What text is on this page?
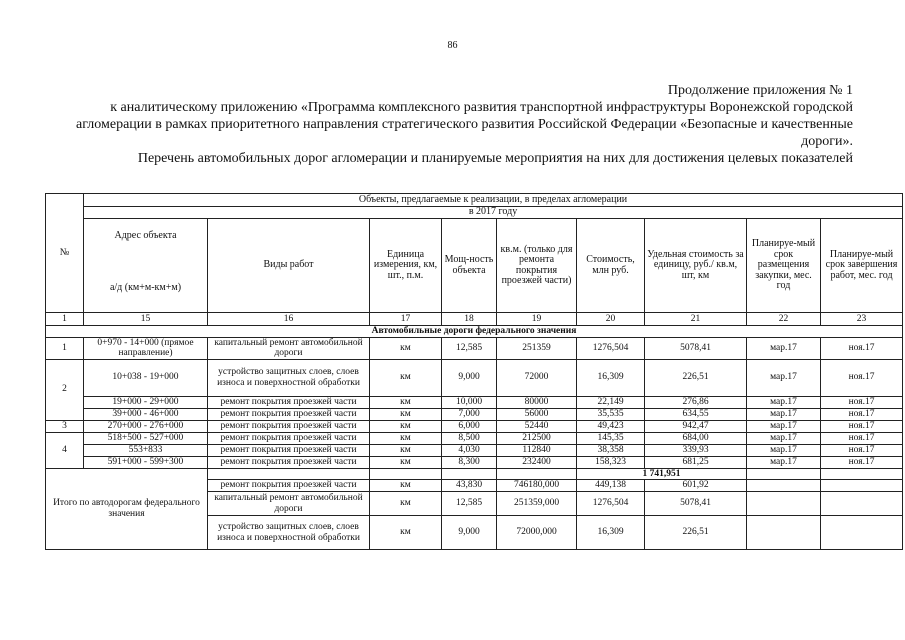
86
Продолжение приложения № 1
к аналитическому приложению «Программа комплексного развития транспортной инфраструктуры Воронежской городской агломерации в рамках приоритетного направления стратегического развития Российской Федерации «Безопасные и качественные дороги».
Перечень автомобильных дорог агломерации и планируемые мероприятия на них для достижения целевых показателей
№	Объекты, предлагаемые к реализации, в пределах агломерации								
	в 2017 году								
	Адрес объекта	Виды работ	Единица измерения, км, шт., п.м.	Мощ-ность объекта	кв.м. (только для ремонта покрытия проезжей части)	Стоимость, млн руб.	Удельная стоимость за единицу, руб./ кв.м, шт, км	Планируе-мый срок размещения закупки, мес. год	Планируе-мый срок завершения работ, мес. год
	а/д (км+м-км+м)								

1	15	16	17	18	19	20	21	22	23
Автомобильные дороги федерального значения									
1	0+970 - 14+000 (прямое направление)	капитальный ремонт автомобильной дороги	км	12,585	251359	1276,504	5078,41	мар.17	ноя.17
2	10+038 - 19+000	устройство защитных слоев, слоев износа и поверхностной обработки	км	9,000	72000	16,309	226,51	мар.17	ноя.17
	19+000 - 29+000	ремонт покрытия проезжей части	км	10,000	80000	22,149	276,86	мар.17	ноя.17
	39+000 - 46+000	ремонт покрытия проезжей части	км	7,000	56000	35,535	634,55	мар.17	ноя.17
3	270+000 - 276+000	ремонт покрытия проезжей части	км	6,000	52440	49,423	942,47	мар.17	ноя.17
4	518+500 - 527+000	ремонт покрытия проезжей части	км	8,500	212500	145,35	684,00	мар.17	ноя.17
	553+833	ремонт покрытия проезжей части	км	4,030	112840	38,358	339,93	мар.17	ноя.17
	591+000 - 599+300	ремонт покрытия проезжей части	км	8,300	232400	158,323	681,25	мар.17	ноя.17
Итого по автодорогам федерального значения						1 741,951			
		ремонт покрытия проезжей части	км	43,830	746180,000	449,138	601,92		
		капитальный ремонт автомобильной дороги	км	12,585	251359,000	1276,504	5078,41		
		устройство защитных слоев, слоев износа и поверхностной обработки	км	9,000	72000,000	16,309	226,51		
